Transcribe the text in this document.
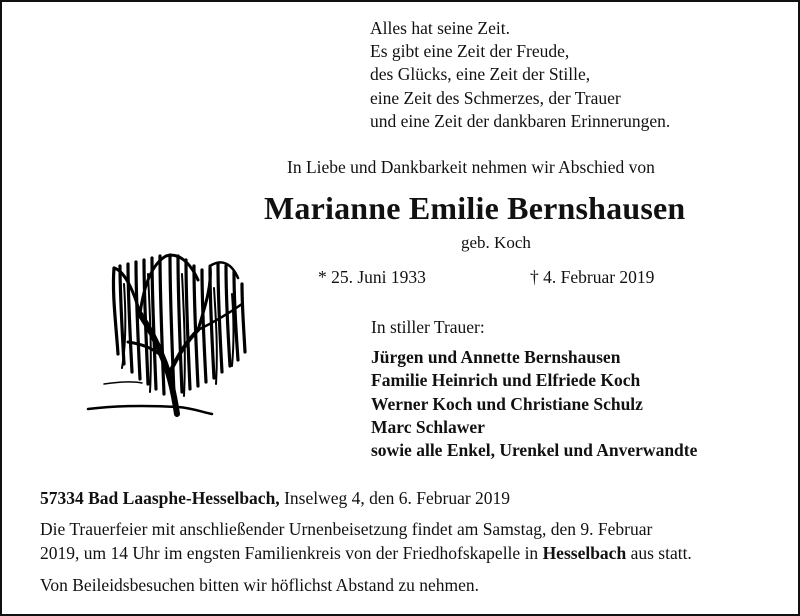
Alles hat seine Zeit.
Es gibt eine Zeit der Freude,
des Glücks, eine Zeit der Stille,
eine Zeit des Schmerzes, der Trauer
und eine Zeit der dankbaren Erinnerungen.
In Liebe und Dankbarkeit nehmen wir Abschied von
Marianne Emilie Bernshausen
geb. Koch
* 25. Juni 1933	† 4. Februar 2019
In stiller Trauer:
Jürgen und Annette Bernshausen
Familie Heinrich und Elfriede Koch
Werner Koch und Christiane Schulz
Marc Schlawer
sowie alle Enkel, Urenkel und Anverwandte
57334 Bad Laasphe-Hesselbach, Inselweg 4, den 6. Februar 2019
Die Trauerfeier mit anschließender Urnenbeisetzung findet am Samstag, den 9. Februar
2019, um 14 Uhr im engsten Familienkreis von der Friedhofskapelle in Hesselbach aus statt.
Von Beileidsbesuchen bitten wir höflichst Abstand zu nehmen.
